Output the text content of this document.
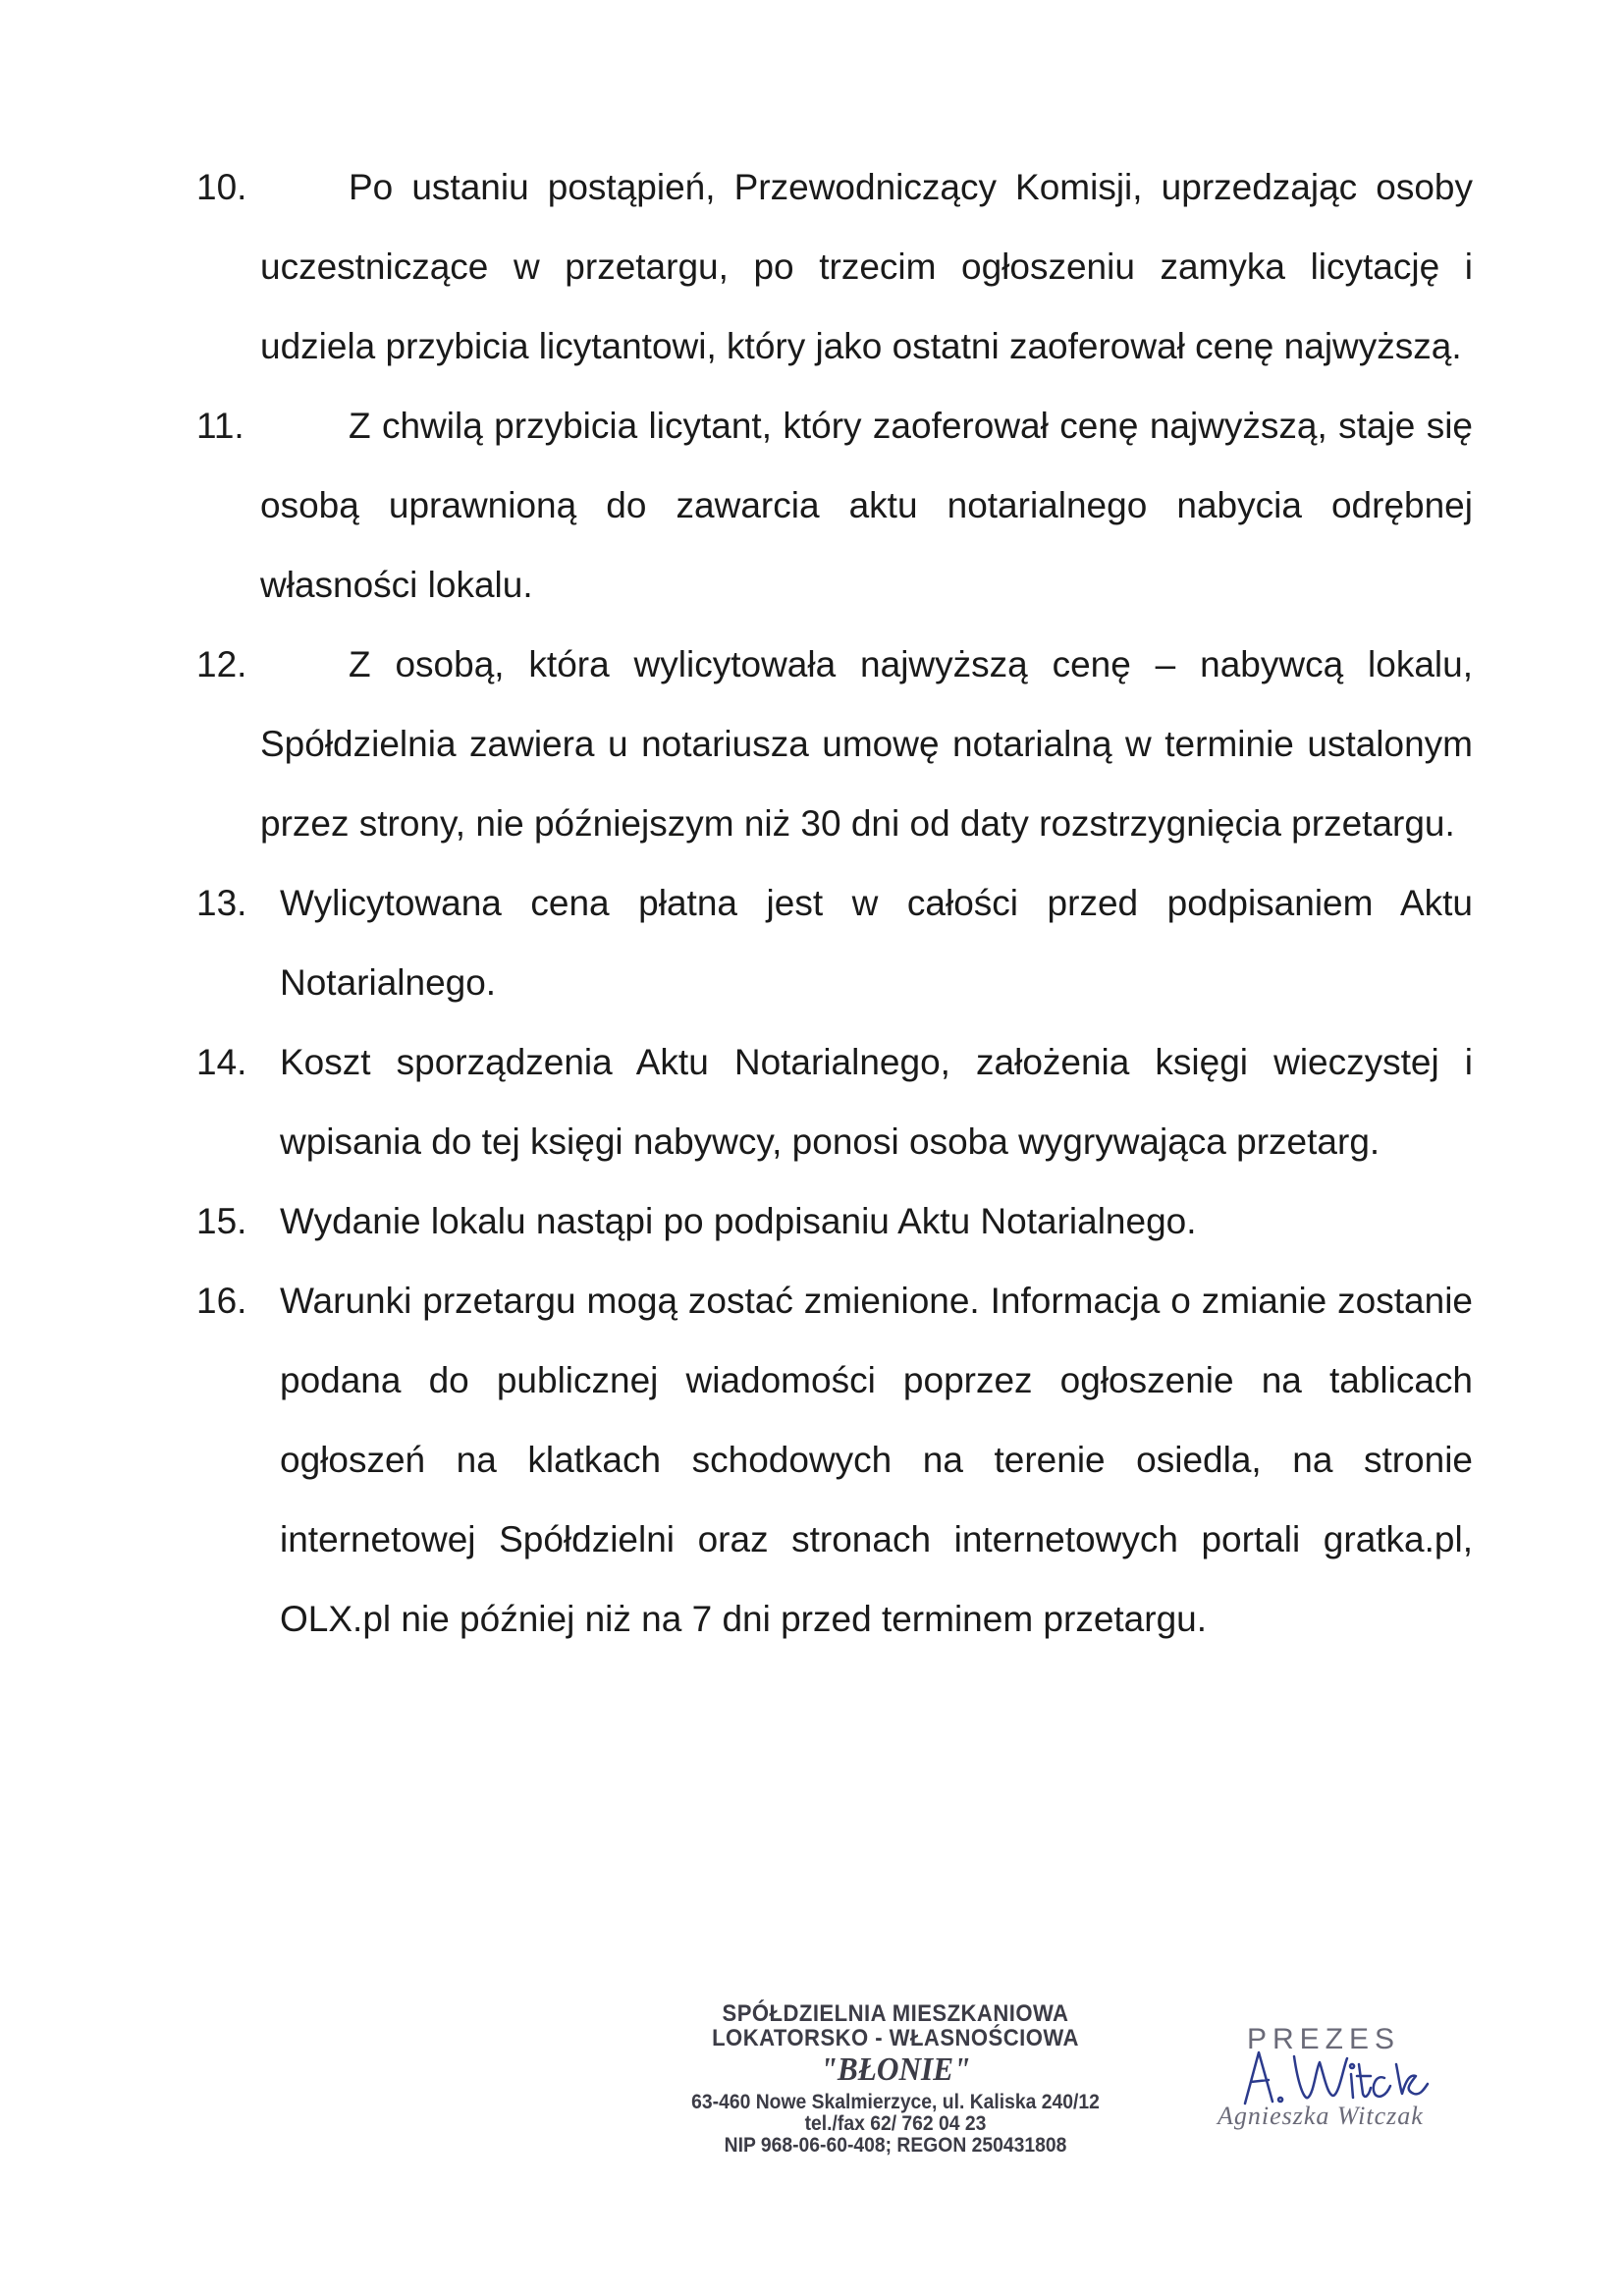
10.	Po ustaniu postąpień, Przewodniczący Komisji, uprzedzając osoby uczestniczące w przetargu, po trzecim ogłoszeniu zamyka licytację i udziela przybicia licytantowi, który jako ostatni zaoferował cenę najwyższą.

11.	Z chwilą przybicia licytant, który zaoferował cenę najwyższą, staje się osobą uprawnioną do zawarcia aktu notarialnego nabycia odrębnej własności lokalu.

12.	Z osobą, która wylicytowała najwyższą cenę – nabywcą lokalu, Spółdzielnia zawiera u notariusza umowę notarialną w terminie ustalonym przez strony, nie późniejszym niż 30 dni od daty rozstrzygnięcia przetargu.

13. Wylicytowana cena płatna jest w całości przed podpisaniem Aktu Notarialnego.

14. Koszt sporządzenia Aktu Notarialnego, założenia księgi wieczystej i wpisania do tej księgi nabywcy, ponosi osoba wygrywająca przetarg.

15. Wydanie lokalu nastąpi po podpisaniu Aktu Notarialnego.

16. Warunki przetargu mogą zostać zmienione. Informacja o zmianie zostanie podana do publicznej wiadomości poprzez ogłoszenie na tablicach ogłoszeń na klatkach schodowych na terenie osiedla, na stronie internetowej Spółdzielni oraz stronach internetowych portali gratka.pl, OLX.pl nie później niż na 7 dni przed terminem przetargu.

SPÓŁDZIELNIA MIESZKANIOWA
LOKATORSKO - WŁASNOŚCIOWA
"BŁONIE"
63-460 Nowe Skalmierzyce, ul. Kaliska 240/12
tel./fax 62/ 762 04 23
NIP 968-06-60-408; REGON 250431808
PREZES
Agnieszka Witczak
